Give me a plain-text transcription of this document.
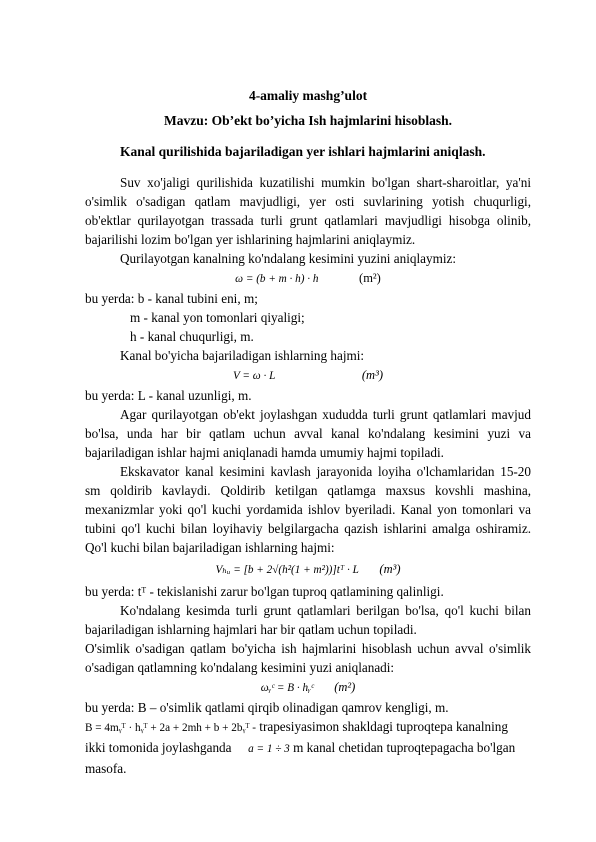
4-amaliy mashg’ulot

Mavzu: Ob’ekt bo’yicha Ish hajmlarini hisoblash.

Kanal qurilishida bajariladigan yer ishlari hajmlarini aniqlash.

Suv xo'jaligi qurilishida kuzatilishi mumkin bo'lgan shart-sharoitlar, ya'ni o'simlik o'sadigan qatlam mavjudligi, yer osti suvlarining yotish chuqurligi, ob'ektlar qurilayotgan trassada turli grunt qatlamlari mavjudligi hisobga olinib, bajarilishi lozim bo'lgan yer ishlarining hajmlarini aniqlaymiz.

Qurilayotgan kanalning ko'ndalang kesimini yuzini aniqlaymiz:

ω = (b + m · h) · h	(m²)

bu yerda: b - kanal tubini eni, m;

m - kanal yon tomonlari qiyaligi;

h - kanal chuqurligi, m.

Kanal bo'yicha bajariladigan ishlarning hajmi:

V = ω · L	(m³)

bu yerda: L - kanal uzunligi, m.

Agar qurilayotgan ob'ekt joylashgan xududda turli grunt qatlamlari mavjud bo'lsa, unda har bir qatlam uchun avval kanal ko'ndalang kesimini yuzi va bajariladigan ishlar hajmi aniqlanadi hamda umumiy hajmi topiladi.

Ekskavator kanal kesimini kavlash jarayonida loyiha o'lchamlaridan 15-20 sm qoldirib kavlaydi. Qoldirib ketilgan qatlamga maxsus kovshli mashina, mexanizmlar yoki qo'l kuchi yordamida ishlov byeriladi. Kanal yon tomonlari va tubini qo'l kuchi bilan loyihaviy belgilargacha qazish ishlarini amalga oshiramiz. Qo'l kuchi bilan bajariladigan ishlarning hajmi:

Vₕᵤ = [b + 2√(h²(1 + m²))]tᵀ · L (m³)

bu yerda: tᵀ - tekislanishi zarur bo'lgan tuproq qatlamining qalinligi.

Ko'ndalang kesimda turli grunt qatlamlari berilgan bo'lsa, qo'l kuchi bilan bajariladigan ishlarning hajmlari har bir qatlam uchun topiladi.

O'simlik o'sadigan qatlam bo'yicha ish hajmlarini hisoblash uchun avval o'simlik o'sadigan qatlamning ko'ndalang kesimini yuzi aniqlanadi:

ωᵧᶜ = B · hᵧᶜ (m²)

bu yerda: B – o'simlik qatlami qirqib olinadigan qamrov kengligi, m.

B = 4mᵧᵀ · hᵧᵀ + 2a + 2mh + b + 2bᵧᵀ - trapesiyasimon shakldagi tuproqtepa kanalning

ikki tomonida joylashganda a = 1 ÷ 3 m kanal chetidan tuproqtepagacha bo'lgan

masofa.
